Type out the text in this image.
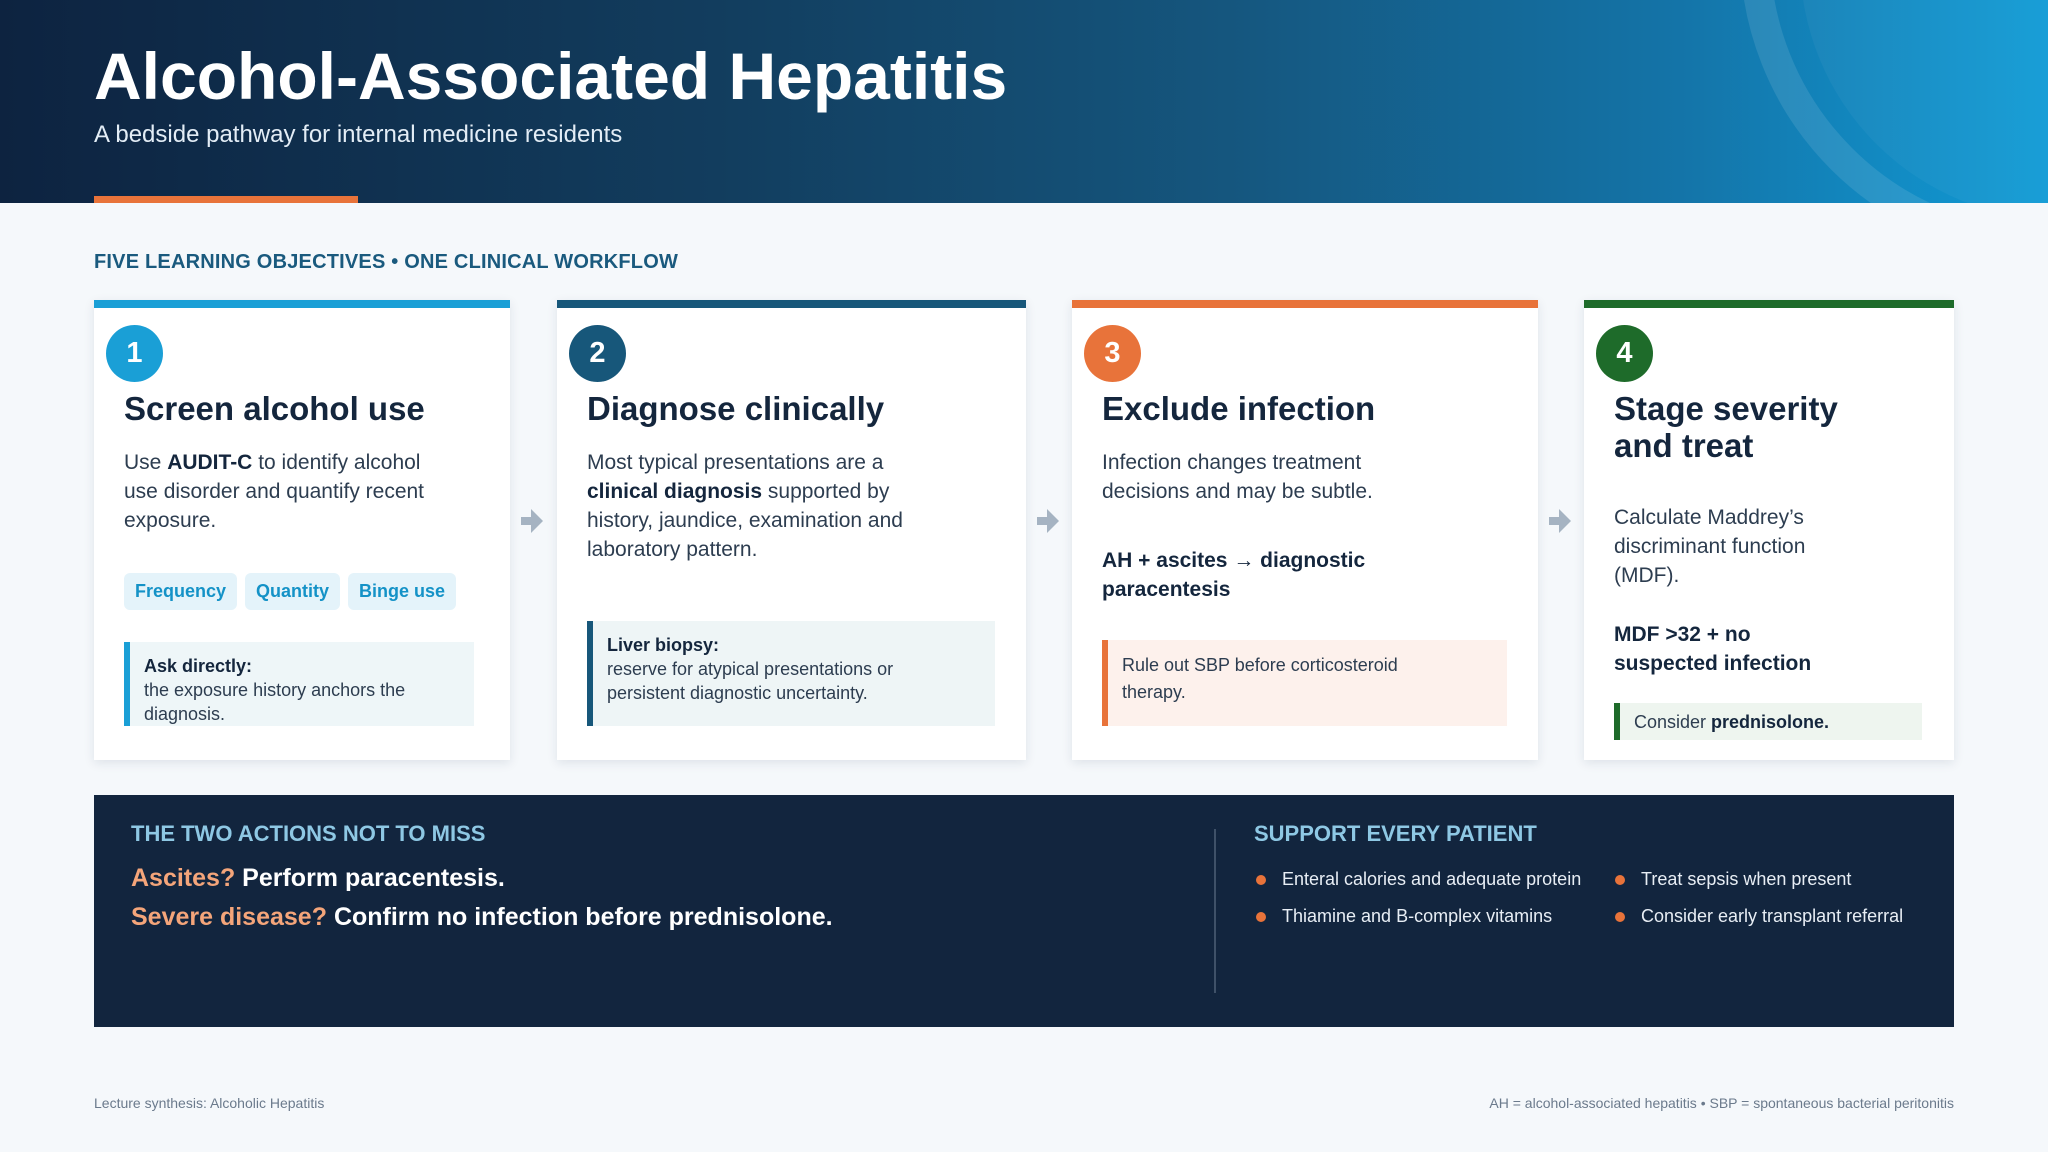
Alcohol-Associated Hepatitis
A bedside pathway for internal medicine residents
FIVE LEARNING OBJECTIVES • ONE CLINICAL WORKFLOW
1
Screen alcohol use
Use AUDIT-C to identify alcohol use disorder and quantify recent exposure.
Frequency	Quantity	Binge use
Ask directly:
the exposure history anchors the diagnosis.
2
Diagnose clinically
Most typical presentations are a clinical diagnosis supported by history, jaundice, examination and laboratory pattern.
Liver biopsy:
reserve for atypical presentations or persistent diagnostic uncertainty.
3
Exclude infection
Infection changes treatment decisions and may be subtle.
AH + ascites → diagnostic paracentesis
Rule out SBP before corticosteroid therapy.
4
Stage severity and treat
Calculate Maddrey’s discriminant function (MDF).
MDF >32 + no suspected infection
Consider prednisolone.
THE TWO ACTIONS NOT TO MISS
Ascites? Perform paracentesis.
Severe disease? Confirm no infection before prednisolone.
SUPPORT EVERY PATIENT
Enteral calories and adequate protein	Treat sepsis when present
Thiamine and B-complex vitamins	Consider early transplant referral
Lecture synthesis: Alcoholic Hepatitis	AH = alcohol-associated hepatitis • SBP = spontaneous bacterial peritonitis
